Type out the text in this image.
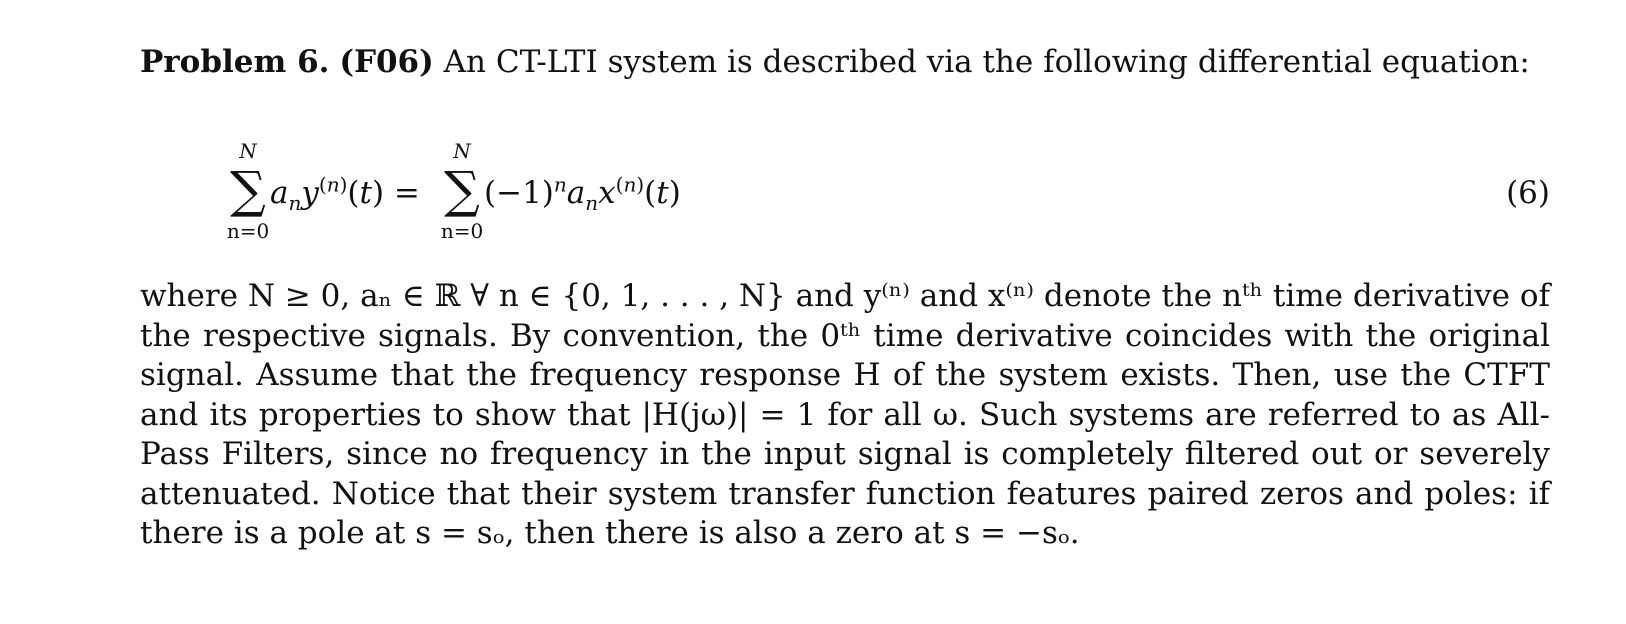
Problem 6. (F06) An CT-LTI system is described via the following differential equation:
N
∑
n=0
$a_ny^{(n)}(t)$ =
N
∑
n=0
$(-1)^na_nx^{(n)}(t)$	(6)
where N ≥ 0, aₙ ∈ ℝ ∀ n ∈ {0, 1, . . . , N} and y⁽ⁿ⁾ and x⁽ⁿ⁾ denote the nᵗʰ time derivative of the respective signals. By convention, the 0ᵗʰ time derivative coincides with the original signal. Assume that the frequency response H of the system exists. Then, use the CTFT and its properties to show that |H(jω)| = 1 for all ω. Such systems are referred to as All-Pass Filters, since no frequency in the input signal is completely filtered out or severely attenuated. Notice that their system transfer function features paired zeros and poles: if there is a pole at s = sₒ, then there is also a zero at s = −sₒ.
